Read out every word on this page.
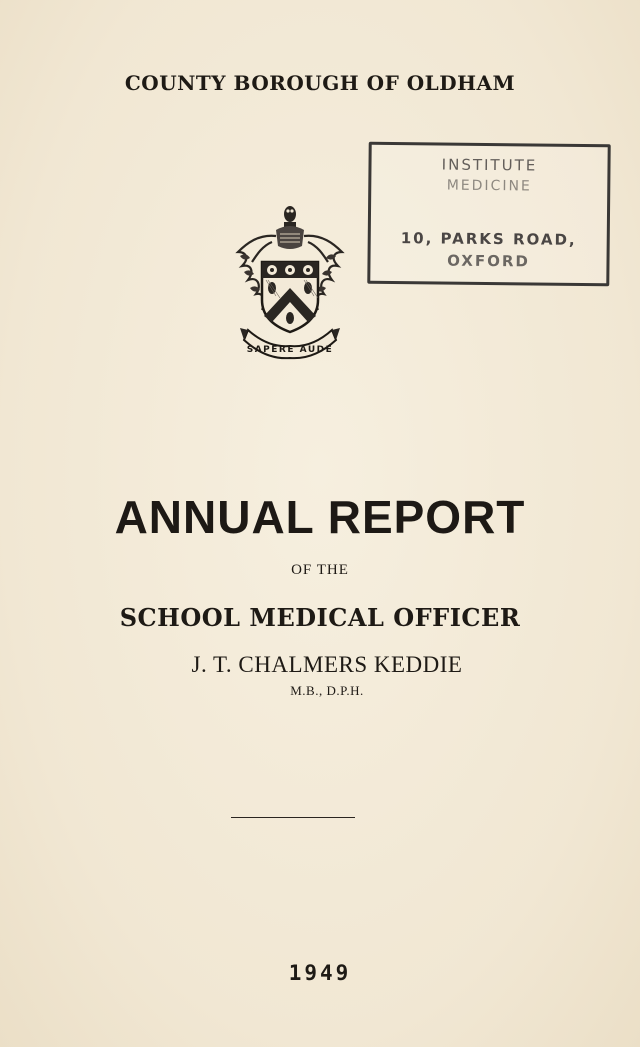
COUNTY BOROUGH OF OLDHAM
INSTITUTE
MEDICINE
10, PARKS ROAD,
OXFORD
SAPERE AUDE
ANNUAL REPORT
OF THE
SCHOOL MEDICAL OFFICER
J. T. CHALMERS KEDDIE
M.B., D.P.H.
1949
